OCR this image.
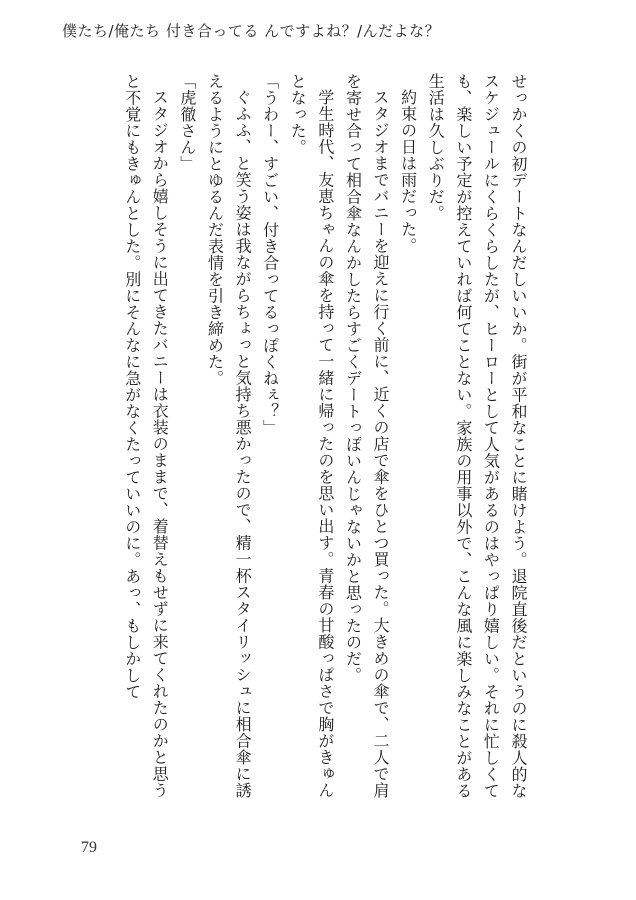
僕たち/俺たち 付き合ってる んですよね？/んだよな？

せっかくの初デートなんだしいいか。街が平和なことに賭けよう。退院直後だというのに殺人的なスケジュールにくらくらしたが、ヒーローとして人気があるのはやっぱり嬉しい。それに忙しくても、楽しい予定が控えていれば何てことない。家族の用事以外で、こんな風に楽しみなことがある生活は久しぶりだ。

約束の日は雨だった。

スタジオまでバニーを迎えに行く前に、近くの店で傘をひとつ買った。大きめの傘で、二人で肩を寄せ合って相合傘なんかしたらすごくデートっぽいんじゃないかと思ったのだ。

学生時代、友恵ちゃんの傘を持って一緒に帰ったのを思い出す。青春の甘酸っぱさで胸がきゅんとなった。

「うわー、すごい、付き合ってるっぽくねぇ？」

ぐふふ、と笑う姿は我ながらちょっと気持ち悪かったので、精一杯スタイリッシュに相合傘に誘えるようにとゆるんだ表情を引き締めた。

「虎徹さん」

スタジオから嬉しそうに出てきたバニーは衣装のままで、着替えもせずに来てくれたのかと思うと不覚にもきゅんとした。別にそんなに急がなくたっていいのに。あっ、もしかして

79
